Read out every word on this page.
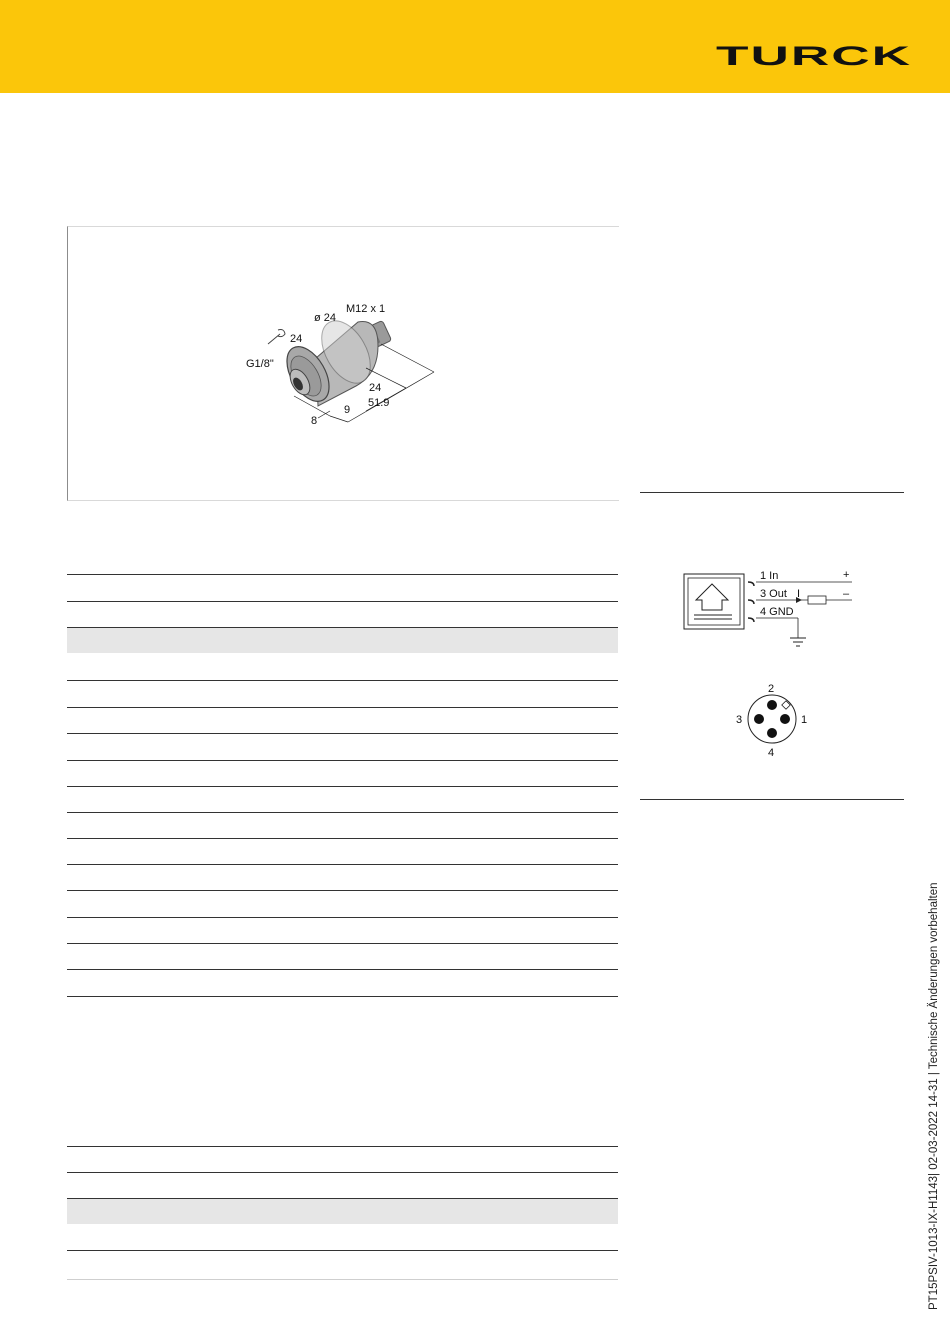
TURCK
ø 24
M12 x 1
24
G1/8"
24
9
51.9
8
1 In
3 Out I
4 GND
+
–
2
3	1
4
PT15PSIV-1013-IX-H1143| 02-03-2022 14-31 | Technische Änderungen vorbehalten
